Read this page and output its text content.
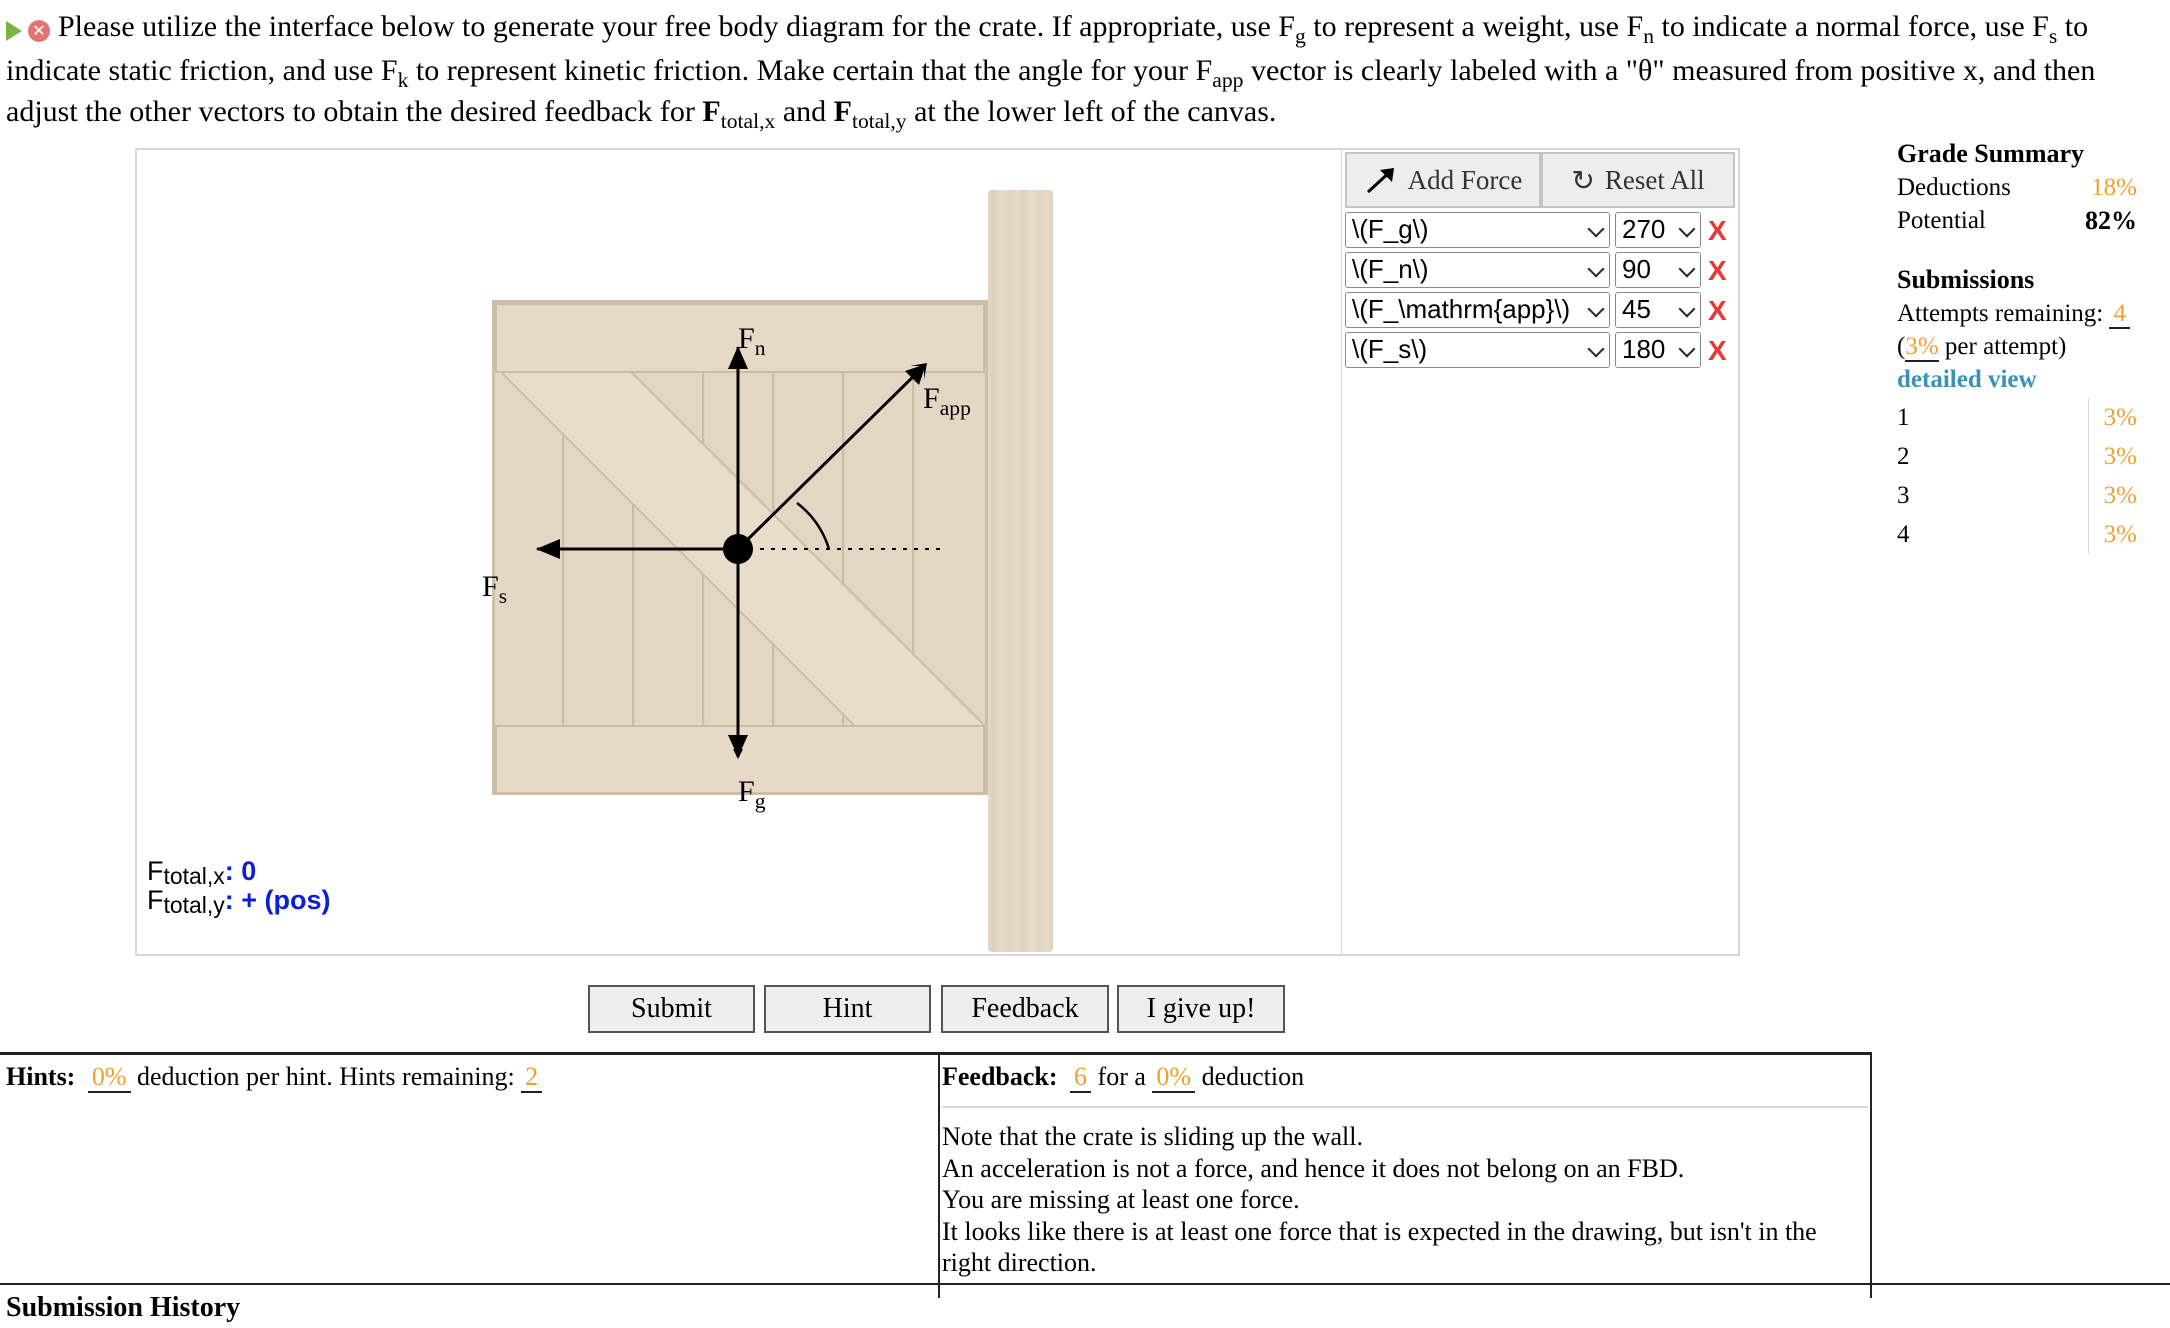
✕ Please utilize the interface below to generate your free body diagram for the crate. If appropriate, use $F_g$ to represent a weight, use $F_n$ to indicate a normal force, use $F_s$ to indicate static friction, and use $F_k$ to represent kinetic friction. Make certain that the angle for your $F_{app}$ vector is clearly labeled with a "θ" measured from positive x, and then adjust the other vectors to obtain the desired feedback for $F_{total,x}$ and $F_{total,y}$ at the lower left of the canvas.
$F_n$
$F_{app}$
$F_s$
$F_g$
$F_{total,x}$: 0
$F_{total,y}$: + (pos)
Add Force ↻ Reset All
\(F_g\)	270	X
\(F_n\)	90	X
\(F_\mathrm{app}\)	45	X
\(F_s\)	180	X
Grade Summary
Deductions	18%
Potential	82%
Submissions
Attempts remaining: 4
(3% per attempt)
detailed view
1	3%
2	3%
3	3%
4	3%
Submit	Hint	Feedback	I give up!
Hints: 0% deduction per hint. Hints remaining: 2	Feedback: 6 for a 0% deduction
Note that the crate is sliding up the wall.
An acceleration is not a force, and hence it does not belong on an FBD.
You are missing at least one force.
It looks like there is at least one force that is expected in the drawing, but isn't in the
right direction.
Submission History
